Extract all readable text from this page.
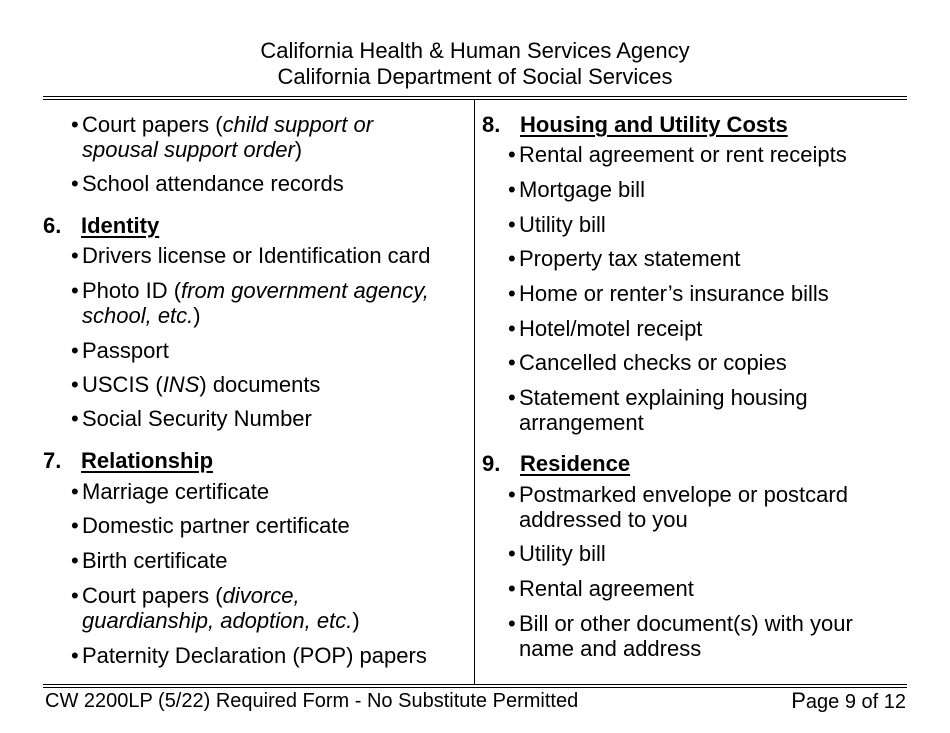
California Health & Human Services Agency
California Department of Social Services
• Court papers (child support or
spousal support order)
• School attendance records
6. Identity
• Drivers license or Identification card
• Photo ID (from government agency,
school, etc.)
• Passport
• USCIS (INS) documents
• Social Security Number
7. Relationship
• Marriage certificate
• Domestic partner certificate
• Birth certificate
• Court papers (divorce,
guardianship, adoption, etc.)
• Paternity Declaration (POP) papers
8. Housing and Utility Costs
• Rental agreement or rent receipts
• Mortgage bill
• Utility bill
• Property tax statement
• Home or renter’s insurance bills
• Hotel/motel receipt
• Cancelled checks or copies
• Statement explaining housing
arrangement
9. Residence
• Postmarked envelope or postcard
addressed to you
• Utility bill
• Rental agreement
• Bill or other document(s) with your
name and address
CW 2200LP (5/22) Required Form - No Substitute Permitted	Page 9 of 12
